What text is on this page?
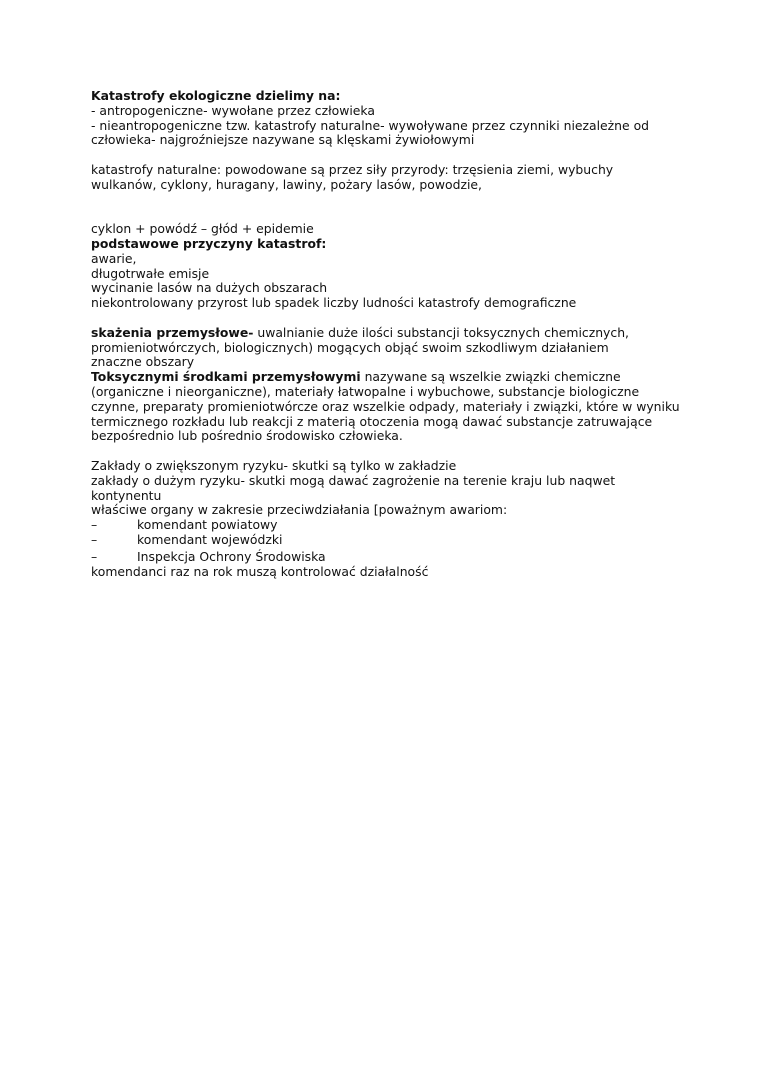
Katastrofy ekologiczne dzielimy na:
- antropogeniczne- wywołane przez człowieka
- nieantropogeniczne tzw. katastrofy naturalne- wywoływane przez czynniki niezależne od człowieka- najgroźniejsze nazywane są klęskami żywiołowymi
katastrofy naturalne: powodowane są przez siły przyrody: trzęsienia ziemi, wybuchy wulkanów, cyklony, huragany, lawiny, pożary lasów, powodzie,
cyklon + powódź – głód + epidemie
podstawowe przyczyny katastrof:
awarie,
długotrwałe emisje
wycinanie lasów na dużych obszarach
niekontrolowany przyrost lub spadek liczby ludności katastrofy demograficzne
skażenia przemysłowe- uwalnianie duże ilości substancji toksycznych chemicznych, promieniotwórczych, biologicznych) mogących objąć swoim szkodliwym działaniem znaczne obszary
Toksycznymi środkami przemysłowymi nazywane są wszelkie związki chemiczne (organiczne i nieorganiczne), materiały łatwopalne i wybuchowe, substancje biologiczne czynne, preparaty promieniotwórcze oraz wszelkie odpady, materiały i związki, które w wyniku termicznego rozkładu lub reakcji z materią otoczenia mogą dawać substancje zatruwające bezpośrednio lub pośrednio środowisko człowieka.
Zakłady o zwiększonym ryzyku- skutki są tylko w zakładzie
zakłady o dużym ryzyku- skutki mogą dawać zagrożenie na terenie kraju lub naqwet kontynentu
właściwe organy w zakresie przeciwdziałania [poważnym awariom:
–	komendant powiatowy
–	komendant wojewódzki
–	Inspekcja Ochrony Środowiska
komendanci raz na rok muszą kontrolować działalność
